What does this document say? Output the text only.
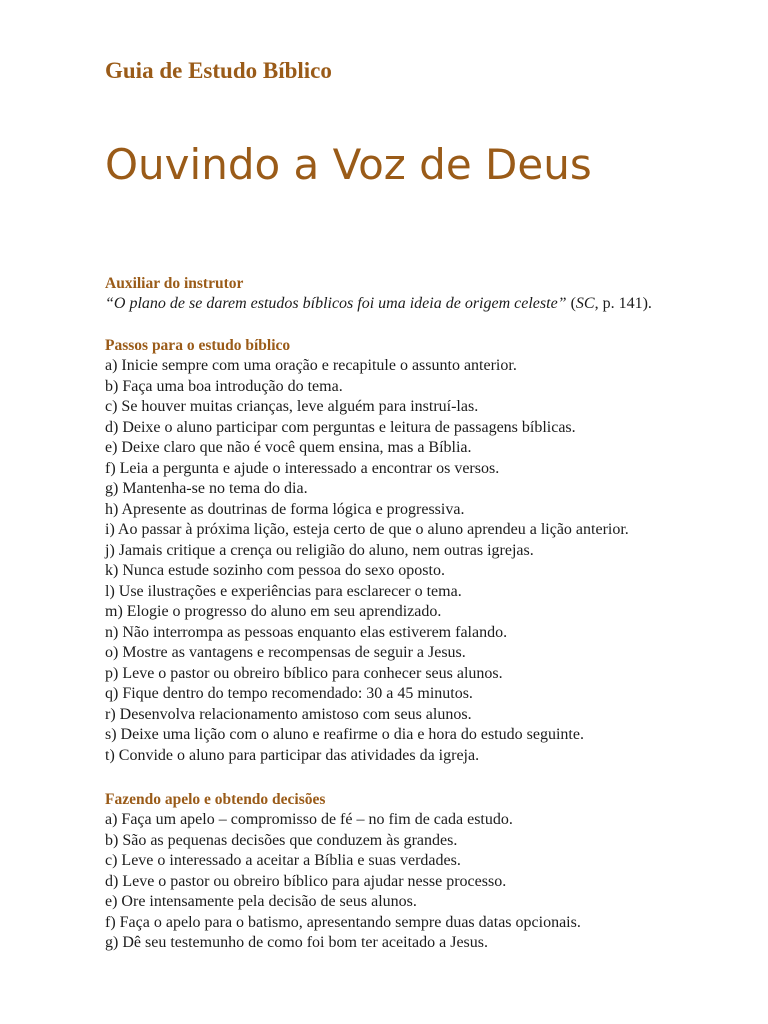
Guia de Estudo Bíblico
Ouvindo a Voz de Deus
Auxiliar do instrutor
“O plano de se darem estudos bíblicos foi uma ideia de origem celeste” (SC, p. 141).
Passos para o estudo bíblico
a) Inicie sempre com uma oração e recapitule o assunto anterior.
b) Faça uma boa introdução do tema.
c) Se houver muitas crianças, leve alguém para instruí-las.
d) Deixe o aluno participar com perguntas e leitura de passagens bíblicas.
e) Deixe claro que não é você quem ensina, mas a Bíblia.
f) Leia a pergunta e ajude o interessado a encontrar os versos.
g) Mantenha-se no tema do dia.
h) Apresente as doutrinas de forma lógica e progressiva.
i) Ao passar à próxima lição, esteja certo de que o aluno aprendeu a lição anterior.
j) Jamais critique a crença ou religião do aluno, nem outras igrejas.
k) Nunca estude sozinho com pessoa do sexo oposto.
l) Use ilustrações e experiências para esclarecer o tema.
m) Elogie o progresso do aluno em seu aprendizado.
n) Não interrompa as pessoas enquanto elas estiverem falando.
o) Mostre as vantagens e recompensas de seguir a Jesus.
p) Leve o pastor ou obreiro bíblico para conhecer seus alunos.
q) Fique dentro do tempo recomendado: 30 a 45 minutos.
r) Desenvolva relacionamento amistoso com seus alunos.
s) Deixe uma lição com o aluno e reafirme o dia e hora do estudo seguinte.
t) Convide o aluno para participar das atividades da igreja.
Fazendo apelo e obtendo decisões
a) Faça um apelo – compromisso de fé – no fim de cada estudo.
b) São as pequenas decisões que conduzem às grandes.
c) Leve o interessado a aceitar a Bíblia e suas verdades.
d) Leve o pastor ou obreiro bíblico para ajudar nesse processo.
e) Ore intensamente pela decisão de seus alunos.
f) Faça o apelo para o batismo, apresentando sempre duas datas opcionais.
g) Dê seu testemunho de como foi bom ter aceitado a Jesus.
